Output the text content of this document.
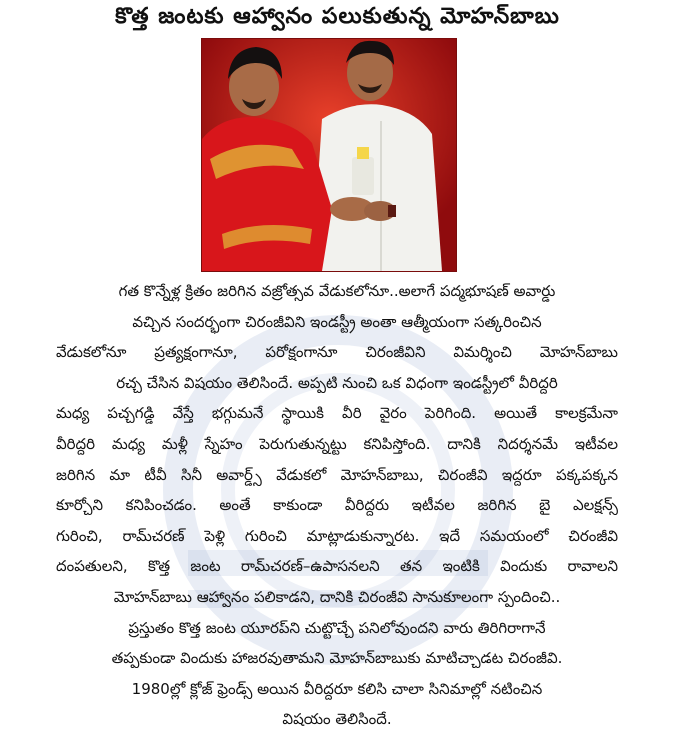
కొత్త జంటకు ఆహ్వానం పలుకుతున్న మోహన్‌బాబు
గత కొన్నేళ్ల క్రితం జరిగిన వజ్రోత్సవ వేడుకలోనూ..అలాగే పద్మభూషణ్ అవార్డు
వచ్చిన సందర్భంగా చిరంజీవిని ఇండస్ట్రీ అంతా ఆత్మీయంగా సత్కరించిన
వేడుకలోనూ ప్రత్యక్షంగానూ, పరోక్షంగానూ చిరంజీవిని విమర్శించి మోహన్‌బాబు
రచ్చ చేసిన విషయం తెలిసిందే. అప్పటి నుంచి ఒక విధంగా ఇండస్ట్రీలో వీరిద్దరి
మధ్య పచ్చగడ్డి వేస్తే భగ్గుమనే స్థాయికి వీరి వైరం పెరిగింది. అయితే కాలక్రమేనా
వీరిద్దరి మధ్య మళ్లీ స్నేహం పెరుగుతున్నట్టు కనిపిస్తోంది. దానికి నిదర్శనమే ఇటీవల
జరిగిన మా టీవీ సినీ అవార్డ్స్ వేడుకలో మోహన్‌బాబు, చిరంజీవి ఇద్దరూ పక్కపక్కన
కూర్చోని కనిపించడం. అంతే కాకుండా వీరిద్దరు ఇటీవల జరిగిన బై ఎలక్షన్స్
గురించి, రామ్‌చరణ్ పెళ్లి గురించి మాట్లాడుకున్నారట. ఇదే సమయంలో చిరంజీవి
దంపతులని, కొత్త జంట రామ్‌చరణ్–ఉపాసనలని తన ఇంటికి విందుకు రావాలని
మోహన్‌బాబు ఆహ్వానం పలికాడని, దానికి చిరంజీవి సానుకూలంగా స్పందించి..
ప్రస్తుతం కొత్త జంట యూరప్‌ని చుట్టొచ్చే పనిలోవుందని వారు తిరిగిరాగానే
తప్పకుండా విందుకు హాజరవుతామని మోహన్‌బాబుకు మాటిచ్చాడట చిరంజీవి.
1980ల్లో క్లోజ్ ఫ్రెండ్స్ అయిన వీరిద్దరూ కలిసి చాలా సినిమాల్లో నటించిన
విషయం తెలిసిందే.
